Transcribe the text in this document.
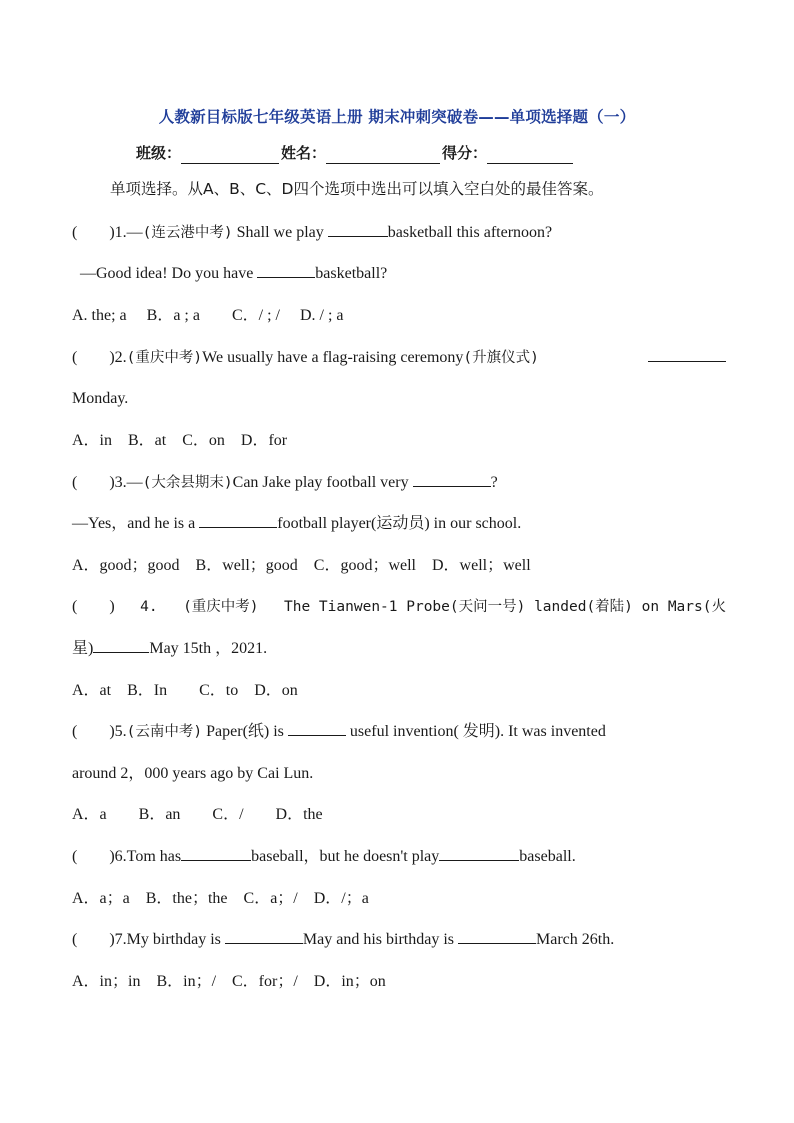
人教新目标版七年级英语上册 期末冲刺突破卷——单项选择题（一）
班级：	姓名：	得分：
单项选择。从A、B、C、D四个选项中选出可以填入空白处的最佳答案。
(　　)1.—(连云港中考) Shall we play	basketball this afternoon?
—Good idea! Do you have	basketball?
A. the; a　 B．a ; a　　C．/ ; /　 D. / ; a
(　　)2.(重庆中考)We usually have a flag-raising ceremony(升旗仪式)
Monday.
A．in　B．at　C．on　D．for
(　　)3.—(大余县期末)Can Jake play football very	?
—Yes，and he is a	football player(运动员) in our school.
A．good；good　B．well；good　C．good；well　D．well；well
(　　) 4. (重庆中考) The Tianwen-1 Probe(天问一号) landed(着陆) on Mars(火
星)	May 15th ，2021.
A．at　B．In　　C．to　D．on
(　　)5.(云南中考) Paper(纸) is	useful invention( 发明). It was invented
around 2，000 years ago by Cai Lun.
A．a　　B．an　　C．/　　D．the
(　　)6.Tom has	baseball，but he doesn't play	baseball.
A．a；a　B．the；the　C．a；/　D．/；a
(　　)7.My birthday is	May and his birthday is	March 26th.
A．in；in　B．in；/　C．for；/　D．in；on
